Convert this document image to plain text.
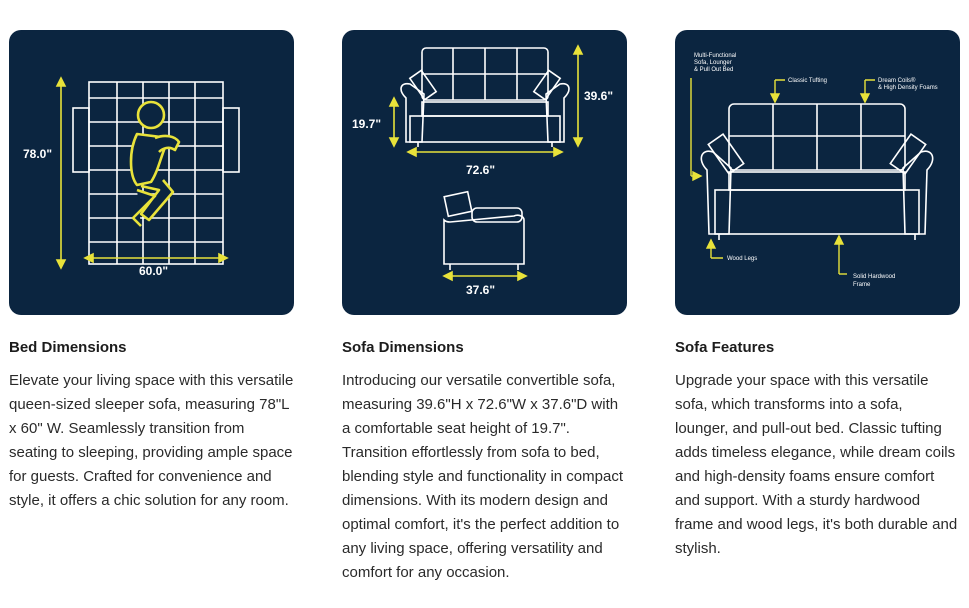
78.0"
60.0"
Bed Dimensions

Elevate your living space with this versatile queen-sized sleeper sofa, measuring 78"L x 60" W. Seamlessly transition from seating to sleeping, providing ample space for guests. Crafted for convenience and style, it offers a chic solution for any room.

19.7"
39.6"
72.6"
37.6"
Sofa Dimensions

Introducing our versatile convertible sofa, measuring 39.6"H x 72.6"W x 37.6"D with a comfortable seat height of 19.7". Transition effortlessly from sofa to bed, blending style and functionality in compact dimensions. With its modern design and optimal comfort, it's the perfect addition to any living space, offering versatility and comfort for any occasion.

Multi-Functional Sofa, Lounger & Pull Out Bed
Classic Tufting	Dream Coils® & High Density Foams
Wood Legs
Solid Hardwood Frame
Sofa Features

Upgrade your space with this versatile sofa, which transforms into a sofa, lounger, and pull-out bed. Classic tufting adds timeless elegance, while dream coils and high-density foams ensure comfort and support. With a sturdy hardwood frame and wood legs, it's both durable and stylish.
